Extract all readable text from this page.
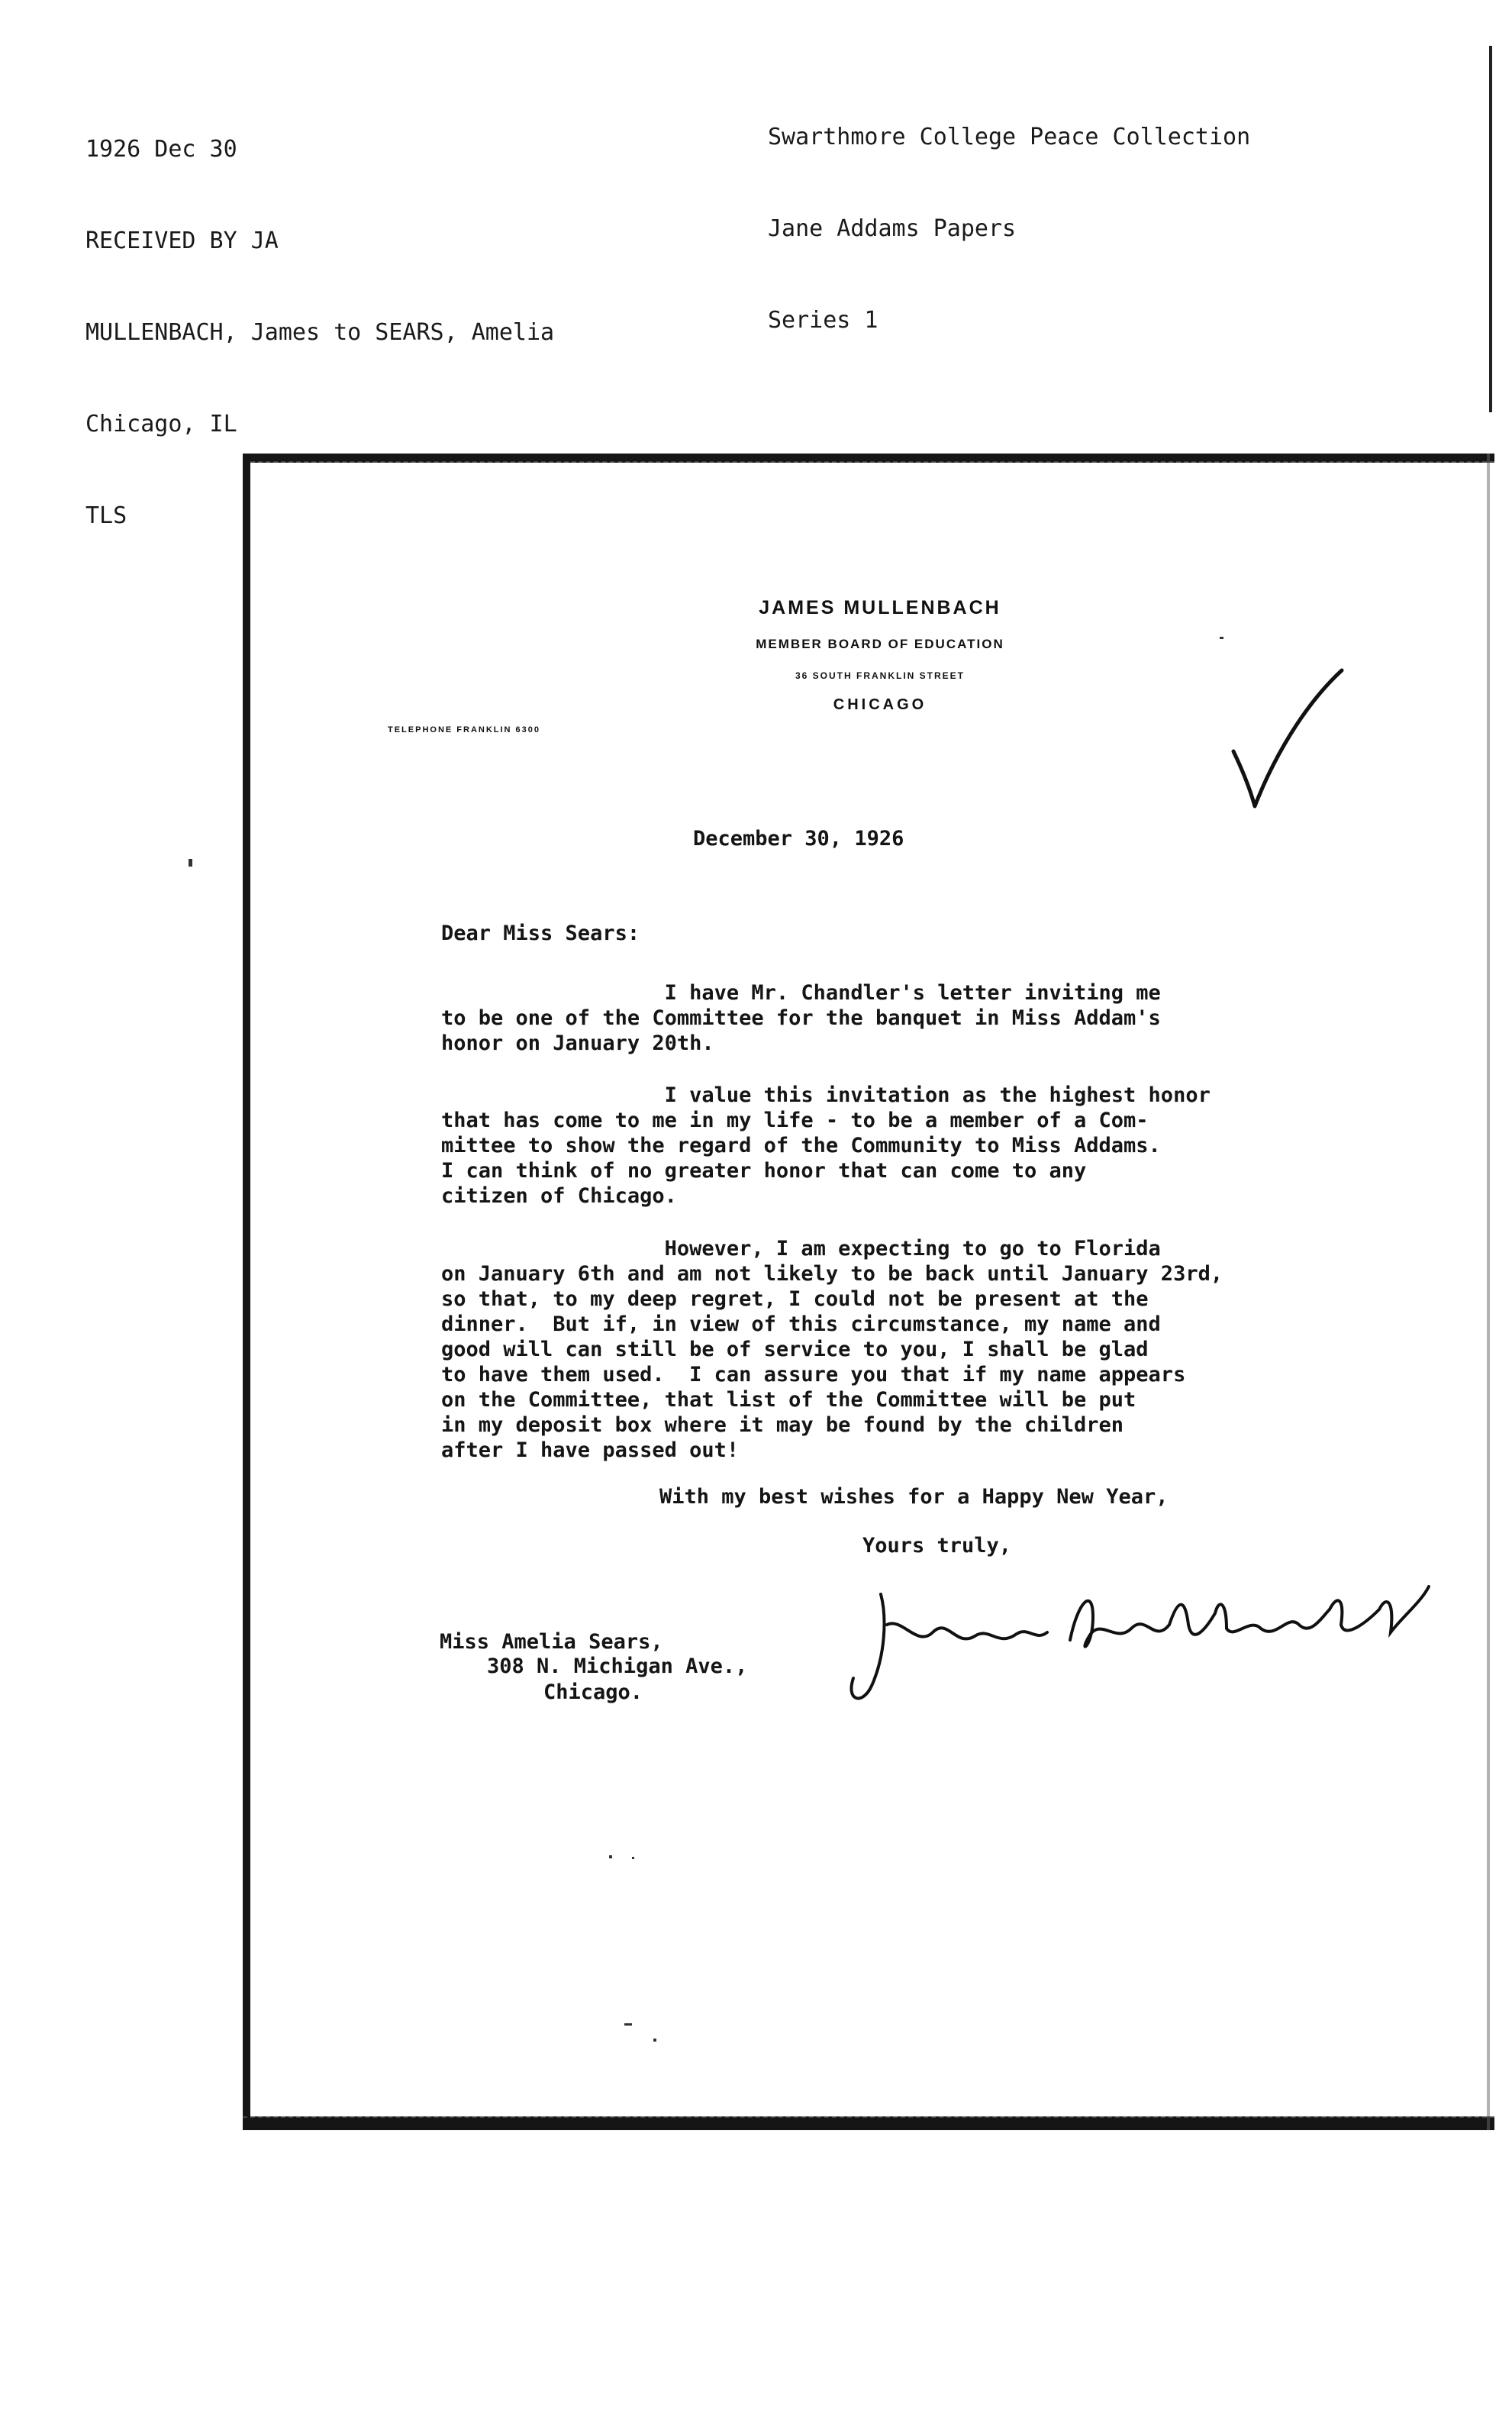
1926 Dec 30

RECEIVED BY JA

MULLENBACH, James to SEARS, Amelia

Chicago, IL

TLS

Swarthmore College Peace Collection

Jane Addams Papers

Series 1

JAMES MULLENBACH
MEMBER BOARD OF EDUCATION
36 SOUTH FRANKLIN STREET
CHICAGO
TELEPHONE FRANKLIN 6300
December 30, 1926
Dear Miss Sears:
I have Mr. Chandler's letter inviting me
to be one of the Committee for the banquet in Miss Addam's
honor on January 20th.
I value this invitation as the highest honor
that has come to me in my life - to be a member of a Com-
mittee to show the regard of the Community to Miss Addams.
I can think of no greater honor that can come to any
citizen of Chicago.
However, I am expecting to go to Florida
on January 6th and am not likely to be back until January 23rd,
so that, to my deep regret, I could not be present at the
dinner.  But if, in view of this circumstance, my name and
good will can still be of service to you, I shall be glad
to have them used.  I can assure you that if my name appears
on the Committee, that list of the Committee will be put
in my deposit box where it may be found by the children
after I have passed out!
With my best wishes for a Happy New Year,
Yours truly,
Miss Amelia Sears,
308 N. Michigan Ave.,
Chicago.
